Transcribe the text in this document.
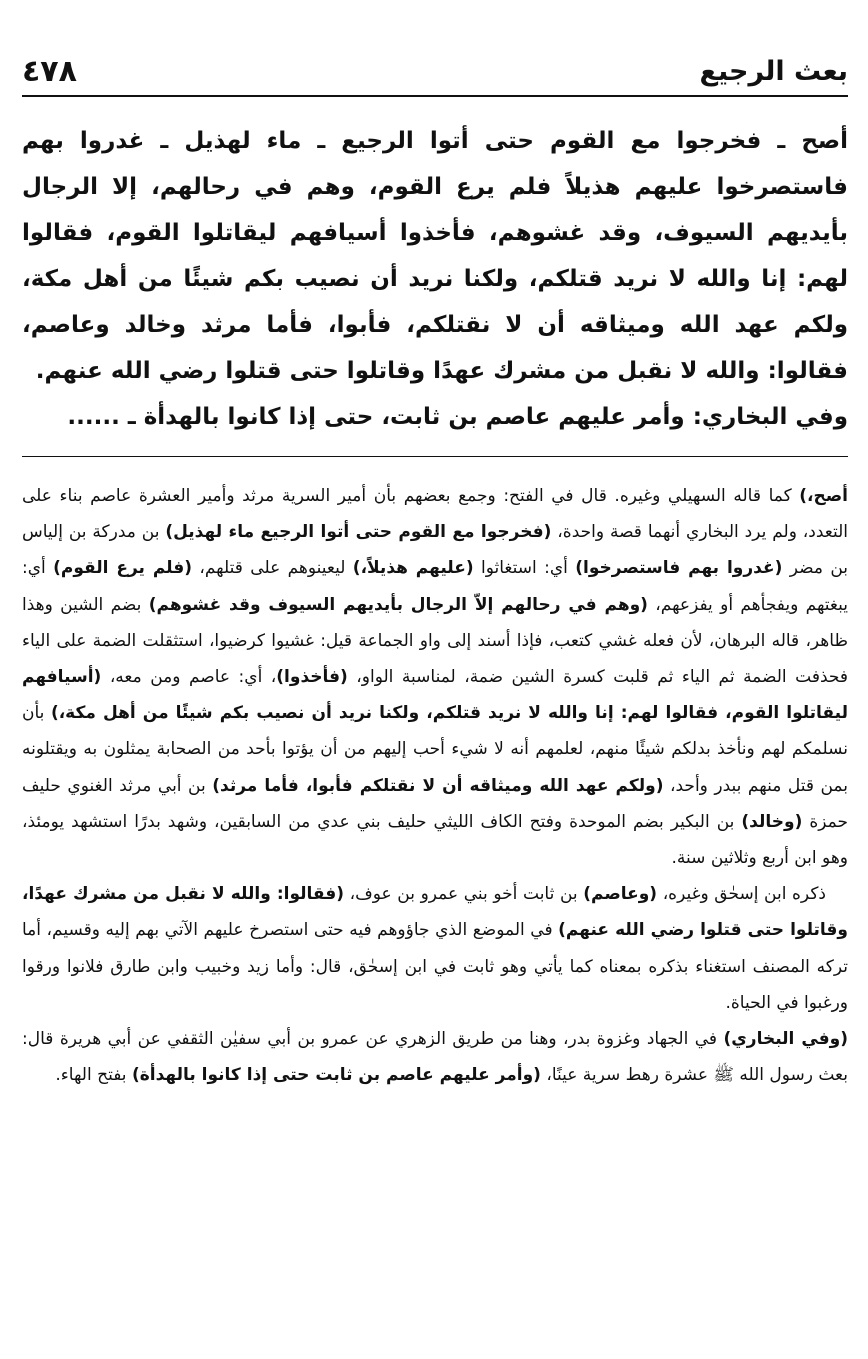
بعث الرجيع
٤٧٨

أصح ـ فخرجوا مع القوم حتى أتوا الرجيع ـ ماء لهذيل ـ غدروا بهم فاستصرخوا عليهم هذيلاً فلم يرع القوم، وهم في رحالهم، إلا الرجال بأيديهم السيوف، وقد غشوهم، فأخذوا أسيافهم ليقاتلوا القوم، فقالوا لهم: إنا والله لا نريد قتلكم، ولكنا نريد أن نصيب بكم شيئًا من أهل مكة، ولكم عهد الله وميثاقه أن لا نقتلكم، فأبوا، فأما مرثد وخالد وعاصم، فقالوا: والله لا نقبل من مشرك عهدًا وقاتلوا حتى قتلوا رضي الله عنهم.

وفي البخاري: وأمر عليهم عاصم بن ثابت، حتى إذا كانوا بالهدأة ـ ......

أصح،) كما قاله السهيلي وغيره. قال في الفتح: وجمع بعضهم بأن أمير السرية مرثد وأمير العشرة عاصم بناء على التعدد، ولم يرد البخاري أنهما قصة واحدة، (فخرجوا مع القوم حتى أتوا الرجيع ماء لهذيل) بن مدركة بن إلياس بن مضر (غدروا بهم فاستصرخوا) أي: استغاثوا (عليهم هذيلاً،) ليعينوهم على قتلهم، (فلم يرع القوم) أي: يبغتهم ويفجأهم أو يفزعهم، (وهم في رحالهم إلاّ الرجال بأيديهم السيوف وقد غشوهم) بضم الشين وهذا ظاهر، قاله البرهان، لأن فعله غشي كتعب، فإذا أسند إلى واو الجماعة قيل: غشيوا كرضيوا، استثقلت الضمة على الياء فحذفت الضمة ثم الياء ثم قلبت كسرة الشين ضمة، لمناسبة الواو، (فأخذوا)، أي: عاصم ومن معه، (أسيافهم ليقاتلوا القوم، فقالوا لهم: إنا والله لا نريد قتلكم، ولكنا نريد أن نصيب بكم شيئًا من أهل مكة،) بأن نسلمكم لهم ونأخذ بدلكم شيئًا منهم، لعلمهم أنه لا شيء أحب إليهم من أن يؤتوا بأحد من الصحابة يمثلون به ويقتلونه بمن قتل منهم ببدر وأحد، (ولكم عهد الله وميثاقه أن لا نقتلكم فأبوا، فأما مرثد) بن أبي مرثد الغنوي حليف حمزة (وخالد) بن البكير بضم الموحدة وفتح الكاف الليثي حليف بني عدي من السابقين، وشهد بدرًا استشهد يومئذ، وهو ابن أربع وثلاثين سنة.

ذكره ابن إسحٰق وغيره، (وعاصم) بن ثابت أخو بني عمرو بن عوف، (فقالوا: والله لا نقبل من مشرك عهدًا، وقاتلوا حتى قتلوا رضي الله عنهم) في الموضع الذي جاؤوهم فيه حتى استصرخ عليهم الآتي بهم إليه وقسيم، أما تركه المصنف استغناء بذكره بمعناه كما يأتي وهو ثابت في ابن إسحٰق، قال: وأما زيد وخبيب وابن طارق فلانوا ورقوا ورغبوا في الحياة.

(وفي البخاري) في الجهاد وغزوة بدر، وهنا من طريق الزهري عن عمرو بن أبي سفيٰن الثقفي عن أبي هريرة قال: بعث رسول الله ﷺ عشرة رهط سرية عينًا، (وأمر عليهم عاصم بن ثابت حتى إذا كانوا بالهدأة) بفتح الهاء.
